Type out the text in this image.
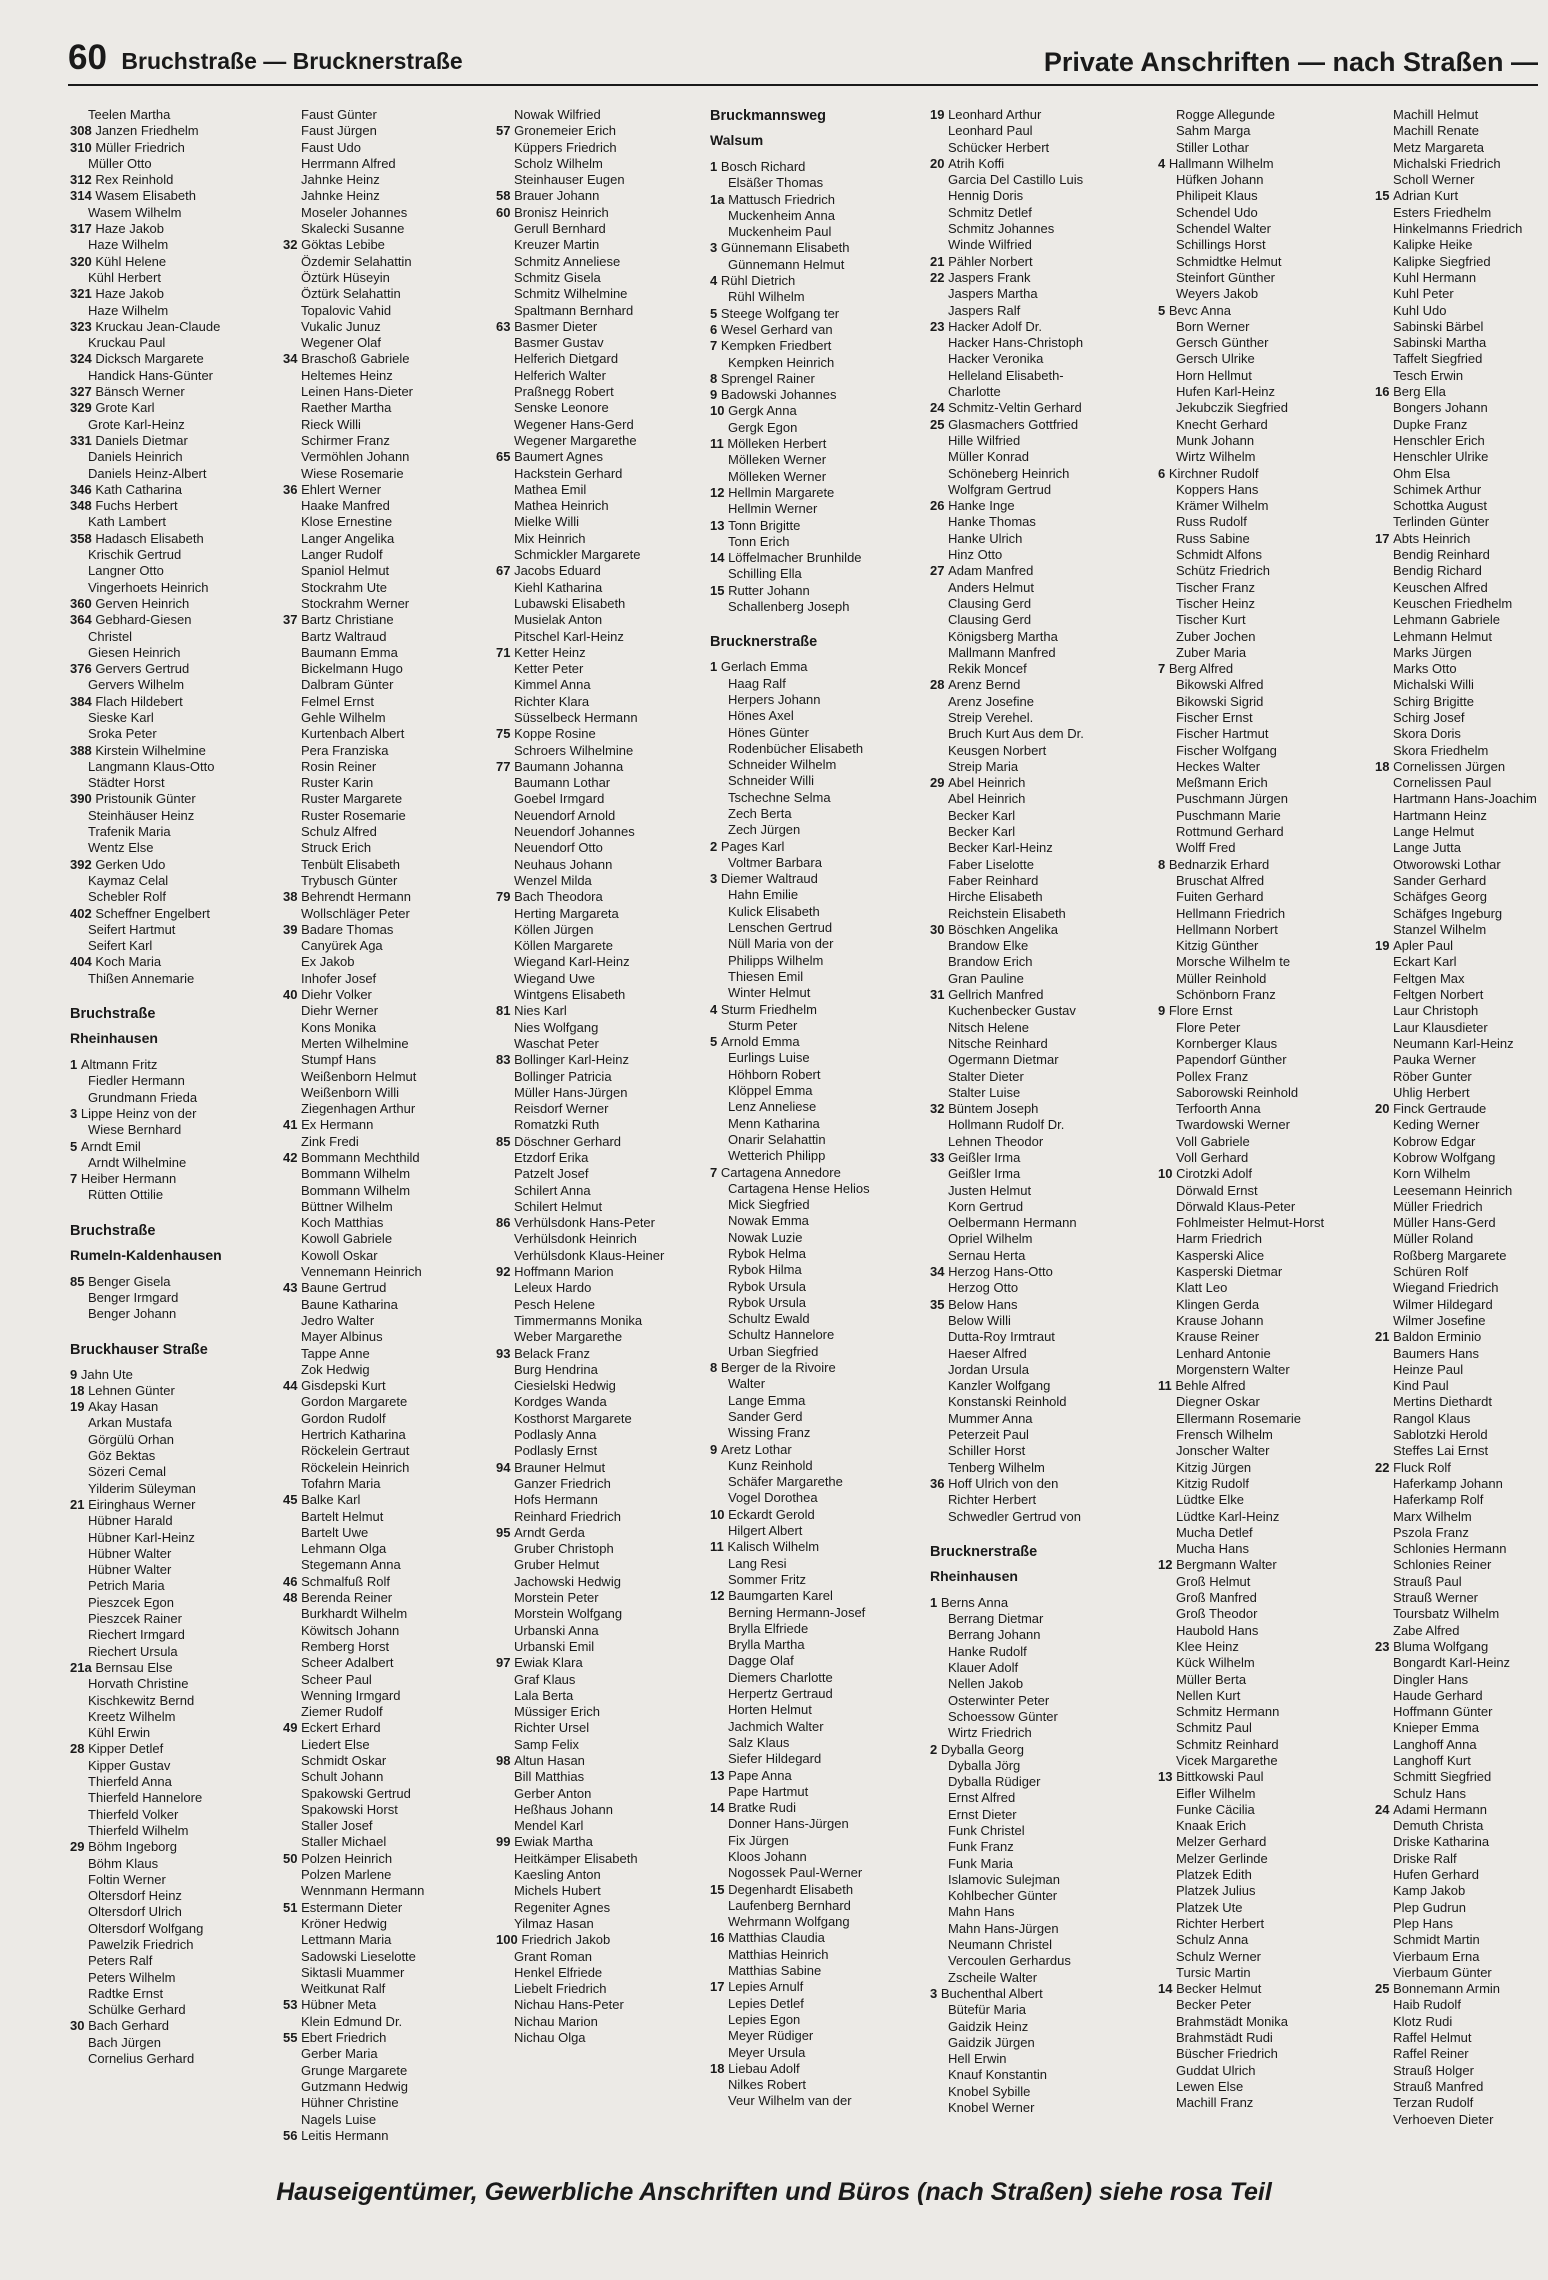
60 Bruchstraße — Brucknerstraße	Private Anschriften — nach Straßen —
Teelen Martha
308 Janzen Friedhelm
310 Müller Friedrich
Müller Otto
312 Rex Reinhold
314 Wasem Elisabeth
Wasem Wilhelm
317 Haze Jakob
Haze Wilhelm
320 Kühl Helene
Kühl Herbert
321 Haze Jakob
Haze Wilhelm
323 Kruckau Jean-Claude
Kruckau Paul
324 Dicksch Margarete
Handick Hans-Günter
327 Bänsch Werner
329 Grote Karl
Grote Karl-Heinz
331 Daniels Dietmar
Daniels Heinrich
Daniels Heinz-Albert
346 Kath Catharina
348 Fuchs Herbert
Kath Lambert
358 Hadasch Elisabeth
Krischik Gertrud
Langner Otto
Vingerhoets Heinrich
360 Gerven Heinrich
364 Gebhard-Giesen
Christel
Giesen Heinrich
376 Gervers Gertrud
Gervers Wilhelm
384 Flach Hildebert
Sieske Karl
Sroka Peter
388 Kirstein Wilhelmine
Langmann Klaus-Otto
Städter Horst
390 Pristounik Günter
Steinhäuser Heinz
Trafenik Maria
Wentz Else
392 Gerken Udo
Kaymaz Celal
Schebler Rolf
402 Scheffner Engelbert
Seifert Hartmut
Seifert Karl
404 Koch Maria
Thißen Annemarie
Bruchstraße
Rheinhausen
1 Altmann Fritz
Fiedler Hermann
Grundmann Frieda
3 Lippe Heinz von der
Wiese Bernhard
5 Arndt Emil
Arndt Wilhelmine
7 Heiber Hermann
Rütten Ottilie
Bruchstraße
Rumeln-Kaldenhausen
85 Benger Gisela
Benger Irmgard
Benger Johann
Bruckhauser Straße
9 Jahn Ute
18 Lehnen Günter
19 Akay Hasan
Arkan Mustafa
Görgülü Orhan
Göz Bektas
Sözeri Cemal
Yilderim Süleyman
21 Eiringhaus Werner
Hübner Harald
Hübner Karl-Heinz
Hübner Walter
Hübner Walter
Petrich Maria
Pieszcek Egon
Pieszcek Rainer
Riechert Irmgard
Riechert Ursula
21a Bernsau Else
Horvath Christine
Kischkewitz Bernd
Kreetz Wilhelm
Kühl Erwin
28 Kipper Detlef
Kipper Gustav
Thierfeld Anna
Thierfeld Hannelore
Thierfeld Volker
Thierfeld Wilhelm
29 Böhm Ingeborg
Böhm Klaus
Foltin Werner
Oltersdorf Heinz
Oltersdorf Ulrich
Oltersdorf Wolfgang
Pawelzik Friedrich
Peters Ralf
Peters Wilhelm
Radtke Ernst
Schülke Gerhard
30 Bach Gerhard
Bach Jürgen
Cornelius Gerhard
Faust Günter
Faust Jürgen
Faust Udo
Herrmann Alfred
Jahnke Heinz
Jahnke Heinz
Moseler Johannes
Skalecki Susanne
32 Göktas Lebibe
Özdemir Selahattin
Öztürk Hüseyin
Öztürk Selahattin
Topalovic Vahid
Vukalic Junuz
Wegener Olaf
34 Braschoß Gabriele
Heltemes Heinz
Leinen Hans-Dieter
Raether Martha
Rieck Willi
Schirmer Franz
Vermöhlen Johann
Wiese Rosemarie
36 Ehlert Werner
Haake Manfred
Klose Ernestine
Langer Angelika
Langer Rudolf
Spaniol Helmut
Stockrahm Ute
Stockrahm Werner
37 Bartz Christiane
Bartz Waltraud
Baumann Emma
Bickelmann Hugo
Dalbram Günter
Felmel Ernst
Gehle Wilhelm
Kurtenbach Albert
Pera Franziska
Rosin Reiner
Ruster Karin
Ruster Margarete
Ruster Rosemarie
Schulz Alfred
Struck Erich
Tenbült Elisabeth
Trybusch Günter
38 Behrendt Hermann
Wollschläger Peter
39 Badare Thomas
Canyürek Aga
Ex Jakob
Inhofer Josef
40 Diehr Volker
Diehr Werner
Kons Monika
Merten Wilhelmine
Stumpf Hans
Weißenborn Helmut
Weißenborn Willi
Ziegenhagen Arthur
41 Ex Hermann
Zink Fredi
42 Bommann Mechthild
Bommann Wilhelm
Bommann Wilhelm
Büttner Wilhelm
Koch Matthias
Kowoll Gabriele
Kowoll Oskar
Vennemann Heinrich
43 Baune Gertrud
Baune Katharina
Jedro Walter
Mayer Albinus
Tappe Anne
Zok Hedwig
44 Gisdepski Kurt
Gordon Margarete
Gordon Rudolf
Hertrich Katharina
Röckelein Gertraut
Röckelein Heinrich
Tofahrn Maria
45 Balke Karl
Bartelt Helmut
Bartelt Uwe
Lehmann Olga
Stegemann Anna
46 Schmalfuß Rolf
48 Berenda Reiner
Burkhardt Wilhelm
Köwitsch Johann
Remberg Horst
Scheer Adalbert
Scheer Paul
Wenning Irmgard
Ziemer Rudolf
49 Eckert Erhard
Liedert Else
Schmidt Oskar
Schult Johann
Spakowski Gertrud
Spakowski Horst
Staller Josef
Staller Michael
50 Polzen Heinrich
Polzen Marlene
Wennmann Hermann
51 Estermann Dieter
Kröner Hedwig
Lettmann Maria
Sadowski Lieselotte
Siktasli Muammer
Weitkunat Ralf
53 Hübner Meta
Klein Edmund Dr.
55 Ebert Friedrich
Gerber Maria
Grunge Margarete
Gutzmann Hedwig
Hühner Christine
Nagels Luise
56 Leitis Hermann
Nowak Wilfried
57 Gronemeier Erich
Küppers Friedrich
Scholz Wilhelm
Steinhauser Eugen
58 Brauer Johann
60 Bronisz Heinrich
Gerull Bernhard
Kreuzer Martin
Schmitz Anneliese
Schmitz Gisela
Schmitz Wilhelmine
Spaltmann Bernhard
63 Basmer Dieter
Basmer Gustav
Helferich Dietgard
Helferich Walter
Praßnegg Robert
Senske Leonore
Wegener Hans-Gerd
Wegener Margarethe
65 Baumert Agnes
Hackstein Gerhard
Mathea Emil
Mathea Heinrich
Mielke Willi
Mix Heinrich
Schmickler Margarete
67 Jacobs Eduard
Kiehl Katharina
Lubawski Elisabeth
Musielak Anton
Pitschel Karl-Heinz
71 Ketter Heinz
Ketter Peter
Kimmel Anna
Richter Klara
Süsselbeck Hermann
75 Koppe Rosine
Schroers Wilhelmine
77 Baumann Johanna
Baumann Lothar
Goebel Irmgard
Neuendorf Arnold
Neuendorf Johannes
Neuendorf Otto
Neuhaus Johann
Wenzel Milda
79 Bach Theodora
Herting Margareta
Köllen Jürgen
Köllen Margarete
Wiegand Karl-Heinz
Wiegand Uwe
Wintgens Elisabeth
81 Nies Karl
Nies Wolfgang
Waschat Peter
83 Bollinger Karl-Heinz
Bollinger Patricia
Müller Hans-Jürgen
Reisdorf Werner
Romatzki Ruth
85 Döschner Gerhard
Etzdorf Erika
Patzelt Josef
Schilert Anna
Schilert Helmut
86 Verhülsdonk Hans-Peter
Verhülsdonk Heinrich
Verhülsdonk Klaus-Heiner
92 Hoffmann Marion
Leleux Hardo
Pesch Helene
Timmermanns Monika
Weber Margarethe
93 Belack Franz
Burg Hendrina
Ciesielski Hedwig
Kordges Wanda
Kosthorst Margarete
Podlasly Anna
Podlasly Ernst
94 Brauner Helmut
Ganzer Friedrich
Hofs Hermann
Reinhard Friedrich
95 Arndt Gerda
Gruber Christoph
Gruber Helmut
Jachowski Hedwig
Morstein Peter
Morstein Wolfgang
Urbanski Anna
Urbanski Emil
97 Ewiak Klara
Graf Klaus
Lala Berta
Müssiger Erich
Richter Ursel
Samp Felix
98 Altun Hasan
Bill Matthias
Gerber Anton
Heßhaus Johann
Mendel Karl
99 Ewiak Martha
Heitkämper Elisabeth
Kaesling Anton
Michels Hubert
Regeniter Agnes
Yilmaz Hasan
100 Friedrich Jakob
Grant Roman
Henkel Elfriede
Liebelt Friedrich
Nichau Hans-Peter
Nichau Marion
Nichau Olga
Bruckmannsweg
Walsum
1 Bosch Richard
Elsäßer Thomas
1a Mattusch Friedrich
Muckenheim Anna
Muckenheim Paul
3 Günnemann Elisabeth
Günnemann Helmut
4 Rühl Dietrich
Rühl Wilhelm
5 Steege Wolfgang ter
6 Wesel Gerhard van
7 Kempken Friedbert
Kempken Heinrich
8 Sprengel Rainer
9 Badowski Johannes
10 Gergk Anna
Gergk Egon
11 Mölleken Herbert
Mölleken Werner
Mölleken Werner
12 Hellmin Margarete
Hellmin Werner
13 Tonn Brigitte
Tonn Erich
14 Löffelmacher Brunhilde
Schilling Ella
15 Rutter Johann
Schallenberg Joseph
Brucknerstraße
1 Gerlach Emma
Haag Ralf
Herpers Johann
Hönes Axel
Hönes Günter
Rodenbücher Elisabeth
Schneider Wilhelm
Schneider Willi
Tschechne Selma
Zech Berta
Zech Jürgen
2 Pages Karl
Voltmer Barbara
3 Diemer Waltraud
Hahn Emilie
Kulick Elisabeth
Lenschen Gertrud
Nüll Maria von der
Philipps Wilhelm
Thiesen Emil
Winter Helmut
4 Sturm Friedhelm
Sturm Peter
5 Arnold Emma
Eurlings Luise
Höhborn Robert
Klöppel Emma
Lenz Anneliese
Menn Katharina
Onarir Selahattin
Wetterich Philipp
7 Cartagena Annedore
Cartagena Hense Helios
Mick Siegfried
Nowak Emma
Nowak Luzie
Rybok Helma
Rybok Hilma
Rybok Ursula
Rybok Ursula
Schultz Ewald
Schultz Hannelore
Urban Siegfried
8 Berger de la Rivoire
Walter
Lange Emma
Sander Gerd
Wissing Franz
9 Aretz Lothar
Kunz Reinhold
Schäfer Margarethe
Vogel Dorothea
10 Eckardt Gerold
Hilgert Albert
11 Kalisch Wilhelm
Lang Resi
Sommer Fritz
12 Baumgarten Karel
Berning Hermann-Josef
Brylla Elfriede
Brylla Martha
Dagge Olaf
Diemers Charlotte
Herpertz Gertraud
Horten Helmut
Jachmich Walter
Salz Klaus
Siefer Hildegard
13 Pape Anna
Pape Hartmut
14 Bratke Rudi
Donner Hans-Jürgen
Fix Jürgen
Kloos Johann
Nogossek Paul-Werner
15 Degenhardt Elisabeth
Laufenberg Bernhard
Wehrmann Wolfgang
16 Matthias Claudia
Matthias Heinrich
Matthias Sabine
17 Lepies Arnulf
Lepies Detlef
Lepies Egon
Meyer Rüdiger
Meyer Ursula
18 Liebau Adolf
Nilkes Robert
Veur Wilhelm van der
19 Leonhard Arthur
Leonhard Paul
Schücker Herbert
20 Atrih Koffi
Garcia Del Castillo Luis
Hennig Doris
Schmitz Detlef
Schmitz Johannes
Winde Wilfried
21 Pähler Norbert
22 Jaspers Frank
Jaspers Martha
Jaspers Ralf
23 Hacker Adolf Dr.
Hacker Hans-Christoph
Hacker Veronika
Helleland Elisabeth-
Charlotte
24 Schmitz-Veltin Gerhard
25 Glasmachers Gottfried
Hille Wilfried
Müller Konrad
Schöneberg Heinrich
Wolfgram Gertrud
26 Hanke Inge
Hanke Thomas
Hanke Ulrich
Hinz Otto
27 Adam Manfred
Anders Helmut
Clausing Gerd
Clausing Gerd
Königsberg Martha
Mallmann Manfred
Rekik Moncef
28 Arenz Bernd
Arenz Josefine
Streip Verehel.
Bruch Kurt Aus dem Dr.
Keusgen Norbert
Streip Maria
29 Abel Heinrich
Abel Heinrich
Becker Karl
Becker Karl
Becker Karl-Heinz
Faber Liselotte
Faber Reinhard
Hirche Elisabeth
Reichstein Elisabeth
30 Böschken Angelika
Brandow Elke
Brandow Erich
Gran Pauline
31 Gellrich Manfred
Kuchenbecker Gustav
Nitsch Helene
Nitsche Reinhard
Ogermann Dietmar
Stalter Dieter
Stalter Luise
32 Büntem Joseph
Hollmann Rudolf Dr.
Lehnen Theodor
33 Geißler Irma
Geißler Irma
Justen Helmut
Korn Gertrud
Oelbermann Hermann
Opriel Wilhelm
Sernau Herta
34 Herzog Hans-Otto
Herzog Otto
35 Below Hans
Below Willi
Dutta-Roy Irmtraut
Haeser Alfred
Jordan Ursula
Kanzler Wolfgang
Konstanski Reinhold
Mummer Anna
Peterzeit Paul
Schiller Horst
Tenberg Wilhelm
36 Hoff Ulrich von den
Richter Herbert
Schwedler Gertrud von
Brucknerstraße
Rheinhausen
1 Berns Anna
Berrang Dietmar
Berrang Johann
Hanke Rudolf
Klauer Adolf
Nellen Jakob
Osterwinter Peter
Schoessow Günter
Wirtz Friedrich
2 Dyballa Georg
Dyballa Jörg
Dyballa Rüdiger
Ernst Alfred
Ernst Dieter
Funk Christel
Funk Franz
Funk Maria
Islamovic Sulejman
Kohlbecher Günter
Mahn Hans
Mahn Hans-Jürgen
Neumann Christel
Vercoulen Gerhardus
Zscheile Walter
3 Buchenthal Albert
Bütefür Maria
Gaidzik Heinz
Gaidzik Jürgen
Hell Erwin
Knauf Konstantin
Knobel Sybille
Knobel Werner
Rogge Allegunde
Sahm Marga
Stiller Lothar
4 Hallmann Wilhelm
Hüfken Johann
Philipeit Klaus
Schendel Udo
Schendel Walter
Schillings Horst
Schmidtke Helmut
Steinfort Günther
Weyers Jakob
5 Bevc Anna
Born Werner
Gersch Günther
Gersch Ulrike
Horn Hellmut
Hufen Karl-Heinz
Jekubczik Siegfried
Knecht Gerhard
Munk Johann
Wirtz Wilhelm
6 Kirchner Rudolf
Koppers Hans
Krämer Wilhelm
Russ Rudolf
Russ Sabine
Schmidt Alfons
Schütz Friedrich
Tischer Franz
Tischer Heinz
Tischer Kurt
Zuber Jochen
Zuber Maria
7 Berg Alfred
Bikowski Alfred
Bikowski Sigrid
Fischer Ernst
Fischer Hartmut
Fischer Wolfgang
Heckes Walter
Meßmann Erich
Puschmann Jürgen
Puschmann Marie
Rottmund Gerhard
Wolff Fred
8 Bednarzik Erhard
Bruschat Alfred
Fuiten Gerhard
Hellmann Friedrich
Hellmann Norbert
Kitzig Günther
Morsche Wilhelm te
Müller Reinhold
Schönborn Franz
9 Flore Ernst
Flore Peter
Kornberger Klaus
Papendorf Günther
Pollex Franz
Saborowski Reinhold
Terfoorth Anna
Twardowski Werner
Voll Gabriele
Voll Gerhard
10 Cirotzki Adolf
Dörwald Ernst
Dörwald Klaus-Peter
Fohlmeister Helmut-Horst
Harm Friedrich
Kasperski Alice
Kasperski Dietmar
Klatt Leo
Klingen Gerda
Krause Johann
Krause Reiner
Lenhard Antonie
Morgenstern Walter
11 Behle Alfred
Diegner Oskar
Ellermann Rosemarie
Frensch Wilhelm
Jonscher Walter
Kitzig Jürgen
Kitzig Rudolf
Lüdtke Elke
Lüdtke Karl-Heinz
Mucha Detlef
Mucha Hans
12 Bergmann Walter
Groß Helmut
Groß Manfred
Groß Theodor
Haubold Hans
Klee Heinz
Kück Wilhelm
Müller Berta
Nellen Kurt
Schmitz Hermann
Schmitz Paul
Schmitz Reinhard
Vicek Margarethe
13 Bittkowski Paul
Eifler Wilhelm
Funke Cäcilia
Knaak Erich
Melzer Gerhard
Melzer Gerlinde
Platzek Edith
Platzek Julius
Platzek Ute
Richter Herbert
Schulz Anna
Schulz Werner
Tursic Martin
14 Becker Helmut
Becker Peter
Brahmstädt Monika
Brahmstädt Rudi
Büscher Friedrich
Guddat Ulrich
Lewen Else
Machill Franz
Machill Helmut
Machill Renate
Metz Margareta
Michalski Friedrich
Scholl Werner
15 Adrian Kurt
Esters Friedhelm
Hinkelmanns Friedrich
Kalipke Heike
Kalipke Siegfried
Kuhl Hermann
Kuhl Peter
Kuhl Udo
Sabinski Bärbel
Sabinski Martha
Taffelt Siegfried
Tesch Erwin
16 Berg Ella
Bongers Johann
Dupke Franz
Henschler Erich
Henschler Ulrike
Ohm Elsa
Schimek Arthur
Schottka August
Terlinden Günter
17 Abts Heinrich
Bendig Reinhard
Bendig Richard
Keuschen Alfred
Keuschen Friedhelm
Lehmann Gabriele
Lehmann Helmut
Marks Jürgen
Marks Otto
Michalski Willi
Schirg Brigitte
Schirg Josef
Skora Doris
Skora Friedhelm
18 Cornelissen Jürgen
Cornelissen Paul
Hartmann Hans-Joachim
Hartmann Heinz
Lange Helmut
Lange Jutta
Otworowski Lothar
Sander Gerhard
Schäfges Georg
Schäfges Ingeburg
Stanzel Wilhelm
19 Apler Paul
Eckart Karl
Feltgen Max
Feltgen Norbert
Laur Christoph
Laur Klausdieter
Neumann Karl-Heinz
Pauka Werner
Röber Gunter
Uhlig Herbert
20 Finck Gertraude
Keding Werner
Kobrow Edgar
Kobrow Wolfgang
Korn Wilhelm
Leesemann Heinrich
Müller Friedrich
Müller Hans-Gerd
Müller Roland
Roßberg Margarete
Schüren Rolf
Wiegand Friedrich
Wilmer Hildegard
Wilmer Josefine
21 Baldon Erminio
Baumers Hans
Heinze Paul
Kind Paul
Mertins Diethardt
Rangol Klaus
Sablotzki Herold
Steffes Lai Ernst
22 Fluck Rolf
Haferkamp Johann
Haferkamp Rolf
Marx Wilhelm
Pszola Franz
Schlonies Hermann
Schlonies Reiner
Strauß Paul
Strauß Werner
Toursbatz Wilhelm
Zabe Alfred
23 Bluma Wolfgang
Bongardt Karl-Heinz
Dingler Hans
Haude Gerhard
Hoffmann Günter
Knieper Emma
Langhoff Anna
Langhoff Kurt
Schmitt Siegfried
Schulz Hans
24 Adami Hermann
Demuth Christa
Driske Katharina
Driske Ralf
Hufen Gerhard
Kamp Jakob
Plep Gudrun
Plep Hans
Schmidt Martin
Vierbaum Erna
Vierbaum Günter
25 Bonnemann Armin
Haib Rudolf
Klotz Rudi
Raffel Helmut
Raffel Reiner
Strauß Holger
Strauß Manfred
Terzan Rudolf
Verhoeven Dieter
Hauseigentümer, Gewerbliche Anschriften und Büros (nach Straßen) siehe rosa Teil
